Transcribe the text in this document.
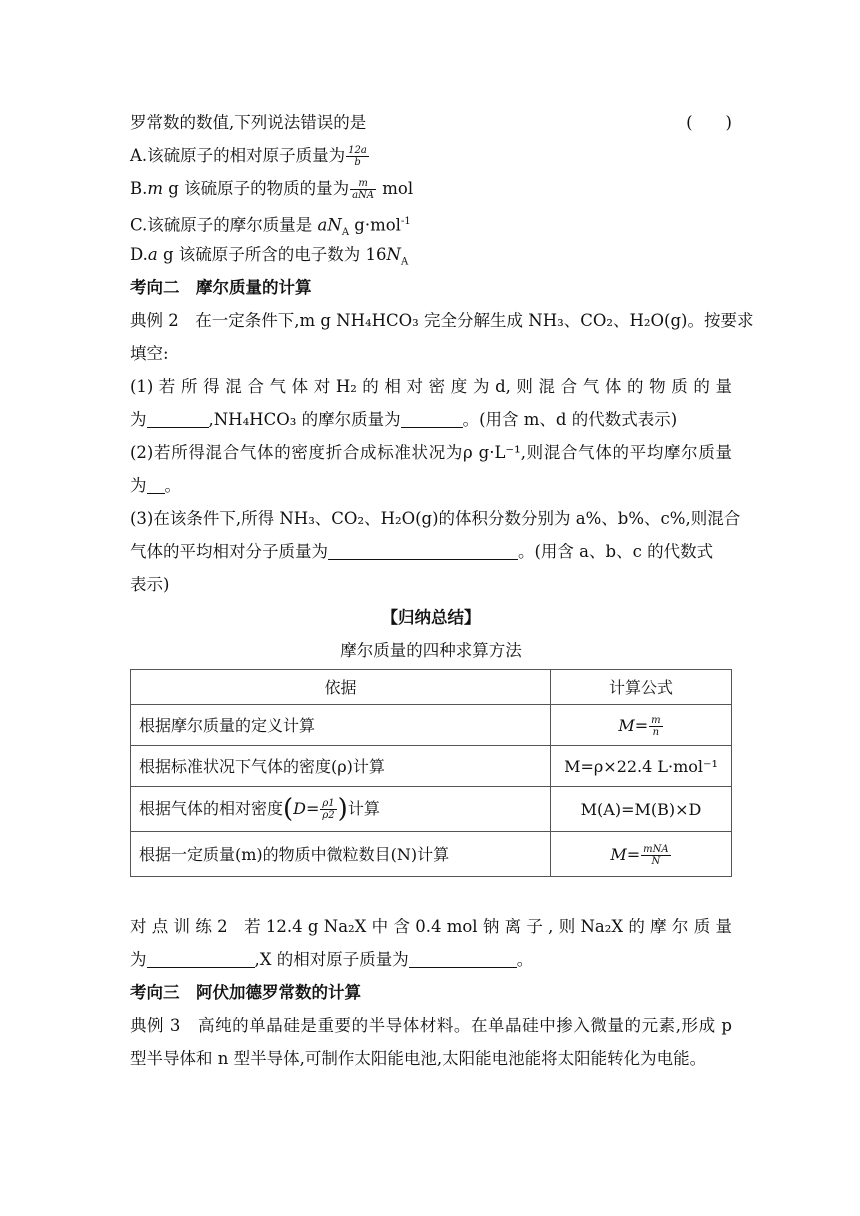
罗常数的数值,下列说法错误的是	(　　)
A.该硫原子的相对原子质量为 $\frac{12a}{b}$
B.m g 该硫原子的物质的量为 $\frac{m}{\text{aNA}}$ mol
C.该硫原子的摩尔质量是 $aN_A$ g·mol$^{-1}$
D.a g 该硫原子所含的电子数为 $16N_A$
考向二　摩尔质量的计算
典例 2　在一定条件下,m g NH₄HCO₃ 完全分解生成 NH₃、CO₂、H₂O(g)。按要求
填空:
(1) 若 所 得 混 合 气 体 对 H₂ 的 相 对 密 度 为 d, 则 混 合 气 体 的 物 质 的 量
为	,NH₄HCO₃ 的摩尔质量为	。(用含 m、d 的代数式表示)
(2)若所得混合气体的密度折合成标准状况为ρ g·L⁻¹,则混合气体的平均摩尔质量
为 。
(3)在该条件下,所得 NH₃、CO₂、H₂O(g)的体积分数分别为 a%、b%、c%,则混合
气体的平均相对分子质量为	。(用含 a、b、c 的代数式
表示)
【归纳总结】
摩尔质量的四种求算方法
依据	计算公式
根据摩尔质量的定义计算	$M= \frac{m}{n}$

根据标准状况下气体的密度(ρ)计算	M=ρ×22.4 L·mol⁻¹
根据气体的相对密度($D= \frac{\rho 1}{\rho 2}$ )计算	M(A)=M(B)×D
根据一定质量(m)的物质中微粒数目(N)计算	$M= \frac{\text{mNA}}{N}$
对 点 训 练 2　若 12.4 g Na₂X 中 含 0.4 mol 钠 离 子 , 则 Na₂X 的 摩 尔 质 量
为	,X 的相对原子质量为	。
考向三　阿伏加德罗常数的计算
典例 3　高纯的单晶硅是重要的半导体材料。在单晶硅中掺入微量的元素,形成 p
型半导体和 n 型半导体,可制作太阳能电池,太阳能电池能将太阳能转化为电能。
